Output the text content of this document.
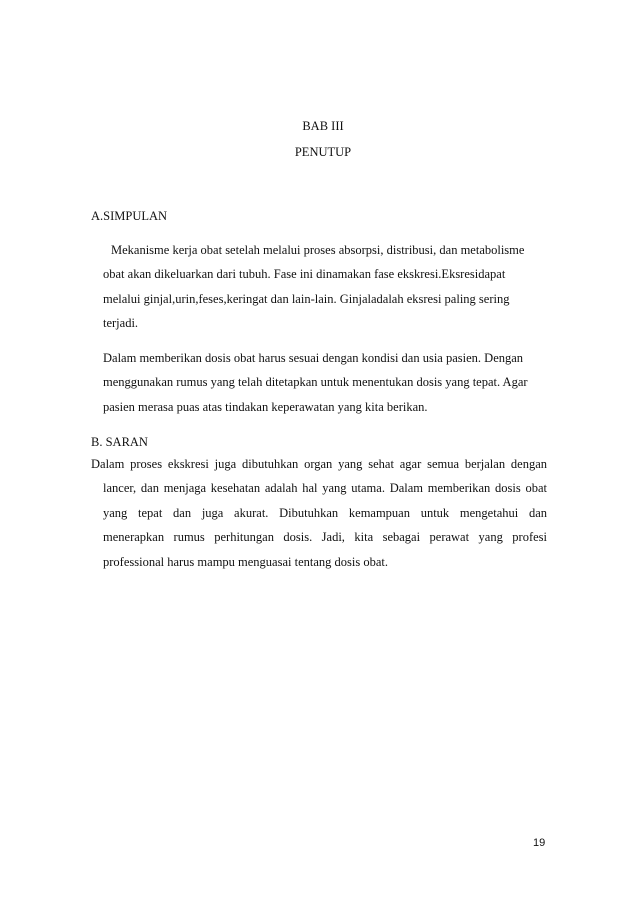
BAB III
PENUTUP
A.SIMPULAN

Mekanisme kerja obat setelah melalui proses absorpsi, distribusi, dan metabolisme
obat akan dikeluarkan dari tubuh. Fase ini dinamakan fase ekskresi.Eksresidapat
melalui ginjal,urin,feses,keringat dan lain-lain. Ginjaladalah eksresi paling sering
terjadi.

Dalam memberikan dosis obat harus sesuai dengan kondisi dan usia pasien. Dengan
menggunakan rumus yang telah ditetapkan untuk menentukan dosis yang tepat. Agar
pasien merasa puas atas tindakan keperawatan yang kita berikan.

B. SARAN

Dalam proses ekskresi juga dibutuhkan organ yang sehat agar semua berjalan dengan
lancer, dan menjaga kesehatan adalah hal yang utama. Dalam memberikan dosis obat
yang tepat dan juga akurat. Dibutuhkan kemampuan untuk mengetahui dan
menerapkan rumus perhitungan dosis. Jadi, kita sebagai perawat yang profesi
professional harus mampu menguasai tentang dosis obat.

19
